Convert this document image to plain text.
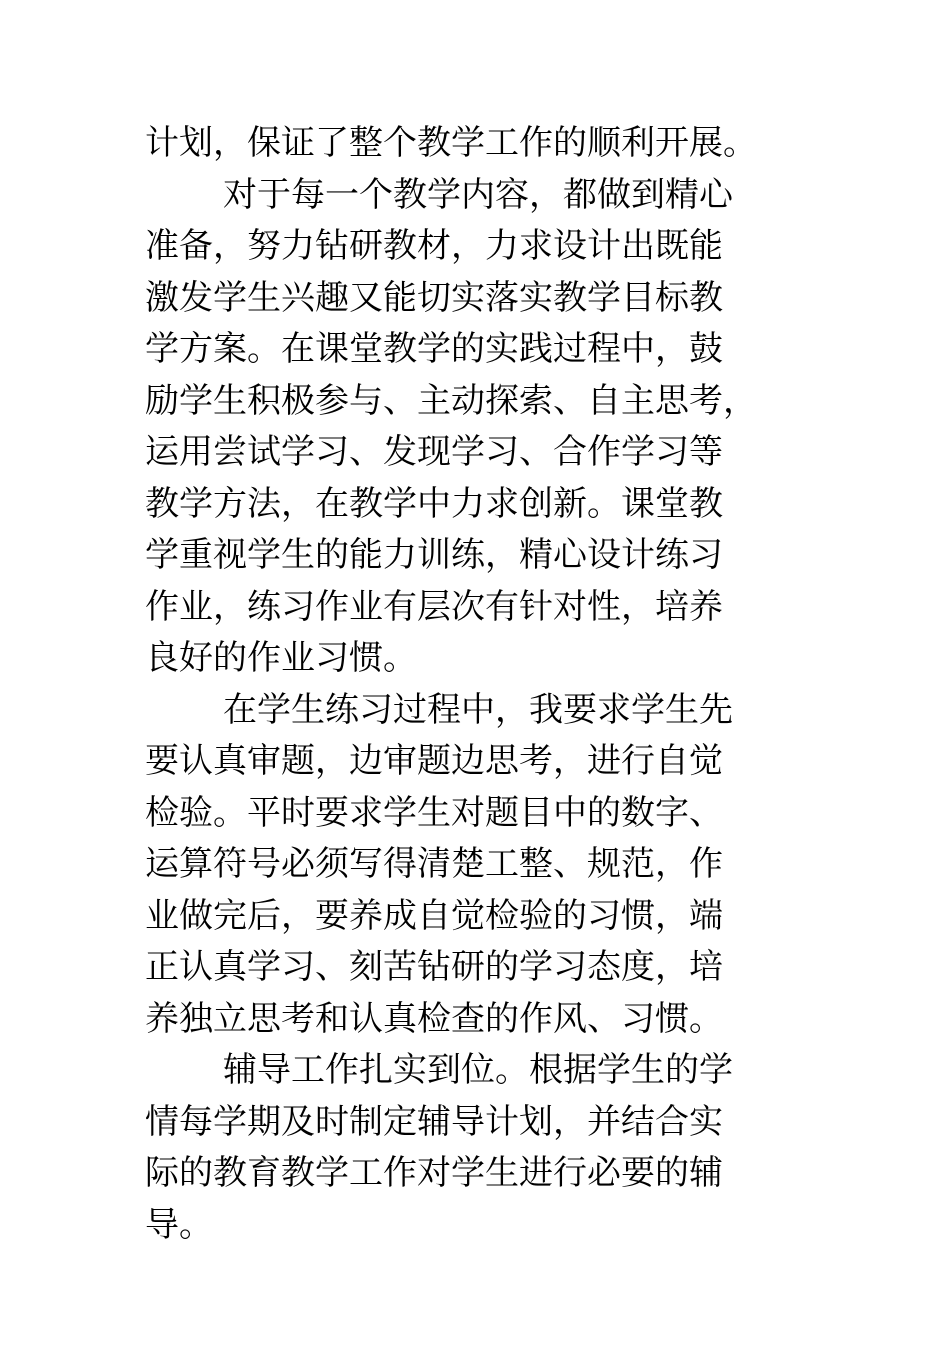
计划，保证了整个教学工作的顺利开展。
对于每一个教学内容，都做到精心
准备，努力钻研教材，力求设计出既能
激发学生兴趣又能切实落实教学目标教
学方案。在课堂教学的实践过程中，鼓
励学生积极参与、主动探索、自主思考，
运用尝试学习、发现学习、合作学习等
教学方法，在教学中力求创新。课堂教
学重视学生的能力训练，精心设计练习
作业，练习作业有层次有针对性，培养
良好的作业习惯。
在学生练习过程中，我要求学生先
要认真审题，边审题边思考，进行自觉
检验。平时要求学生对题目中的数字、
运算符号必须写得清楚工整、规范，作
业做完后，要养成自觉检验的习惯，端
正认真学习、刻苦钻研的学习态度，培
养独立思考和认真检查的作风、习惯。
辅导工作扎实到位。根据学生的学
情每学期及时制定辅导计划，并结合实
际的教育教学工作对学生进行必要的辅
导。
